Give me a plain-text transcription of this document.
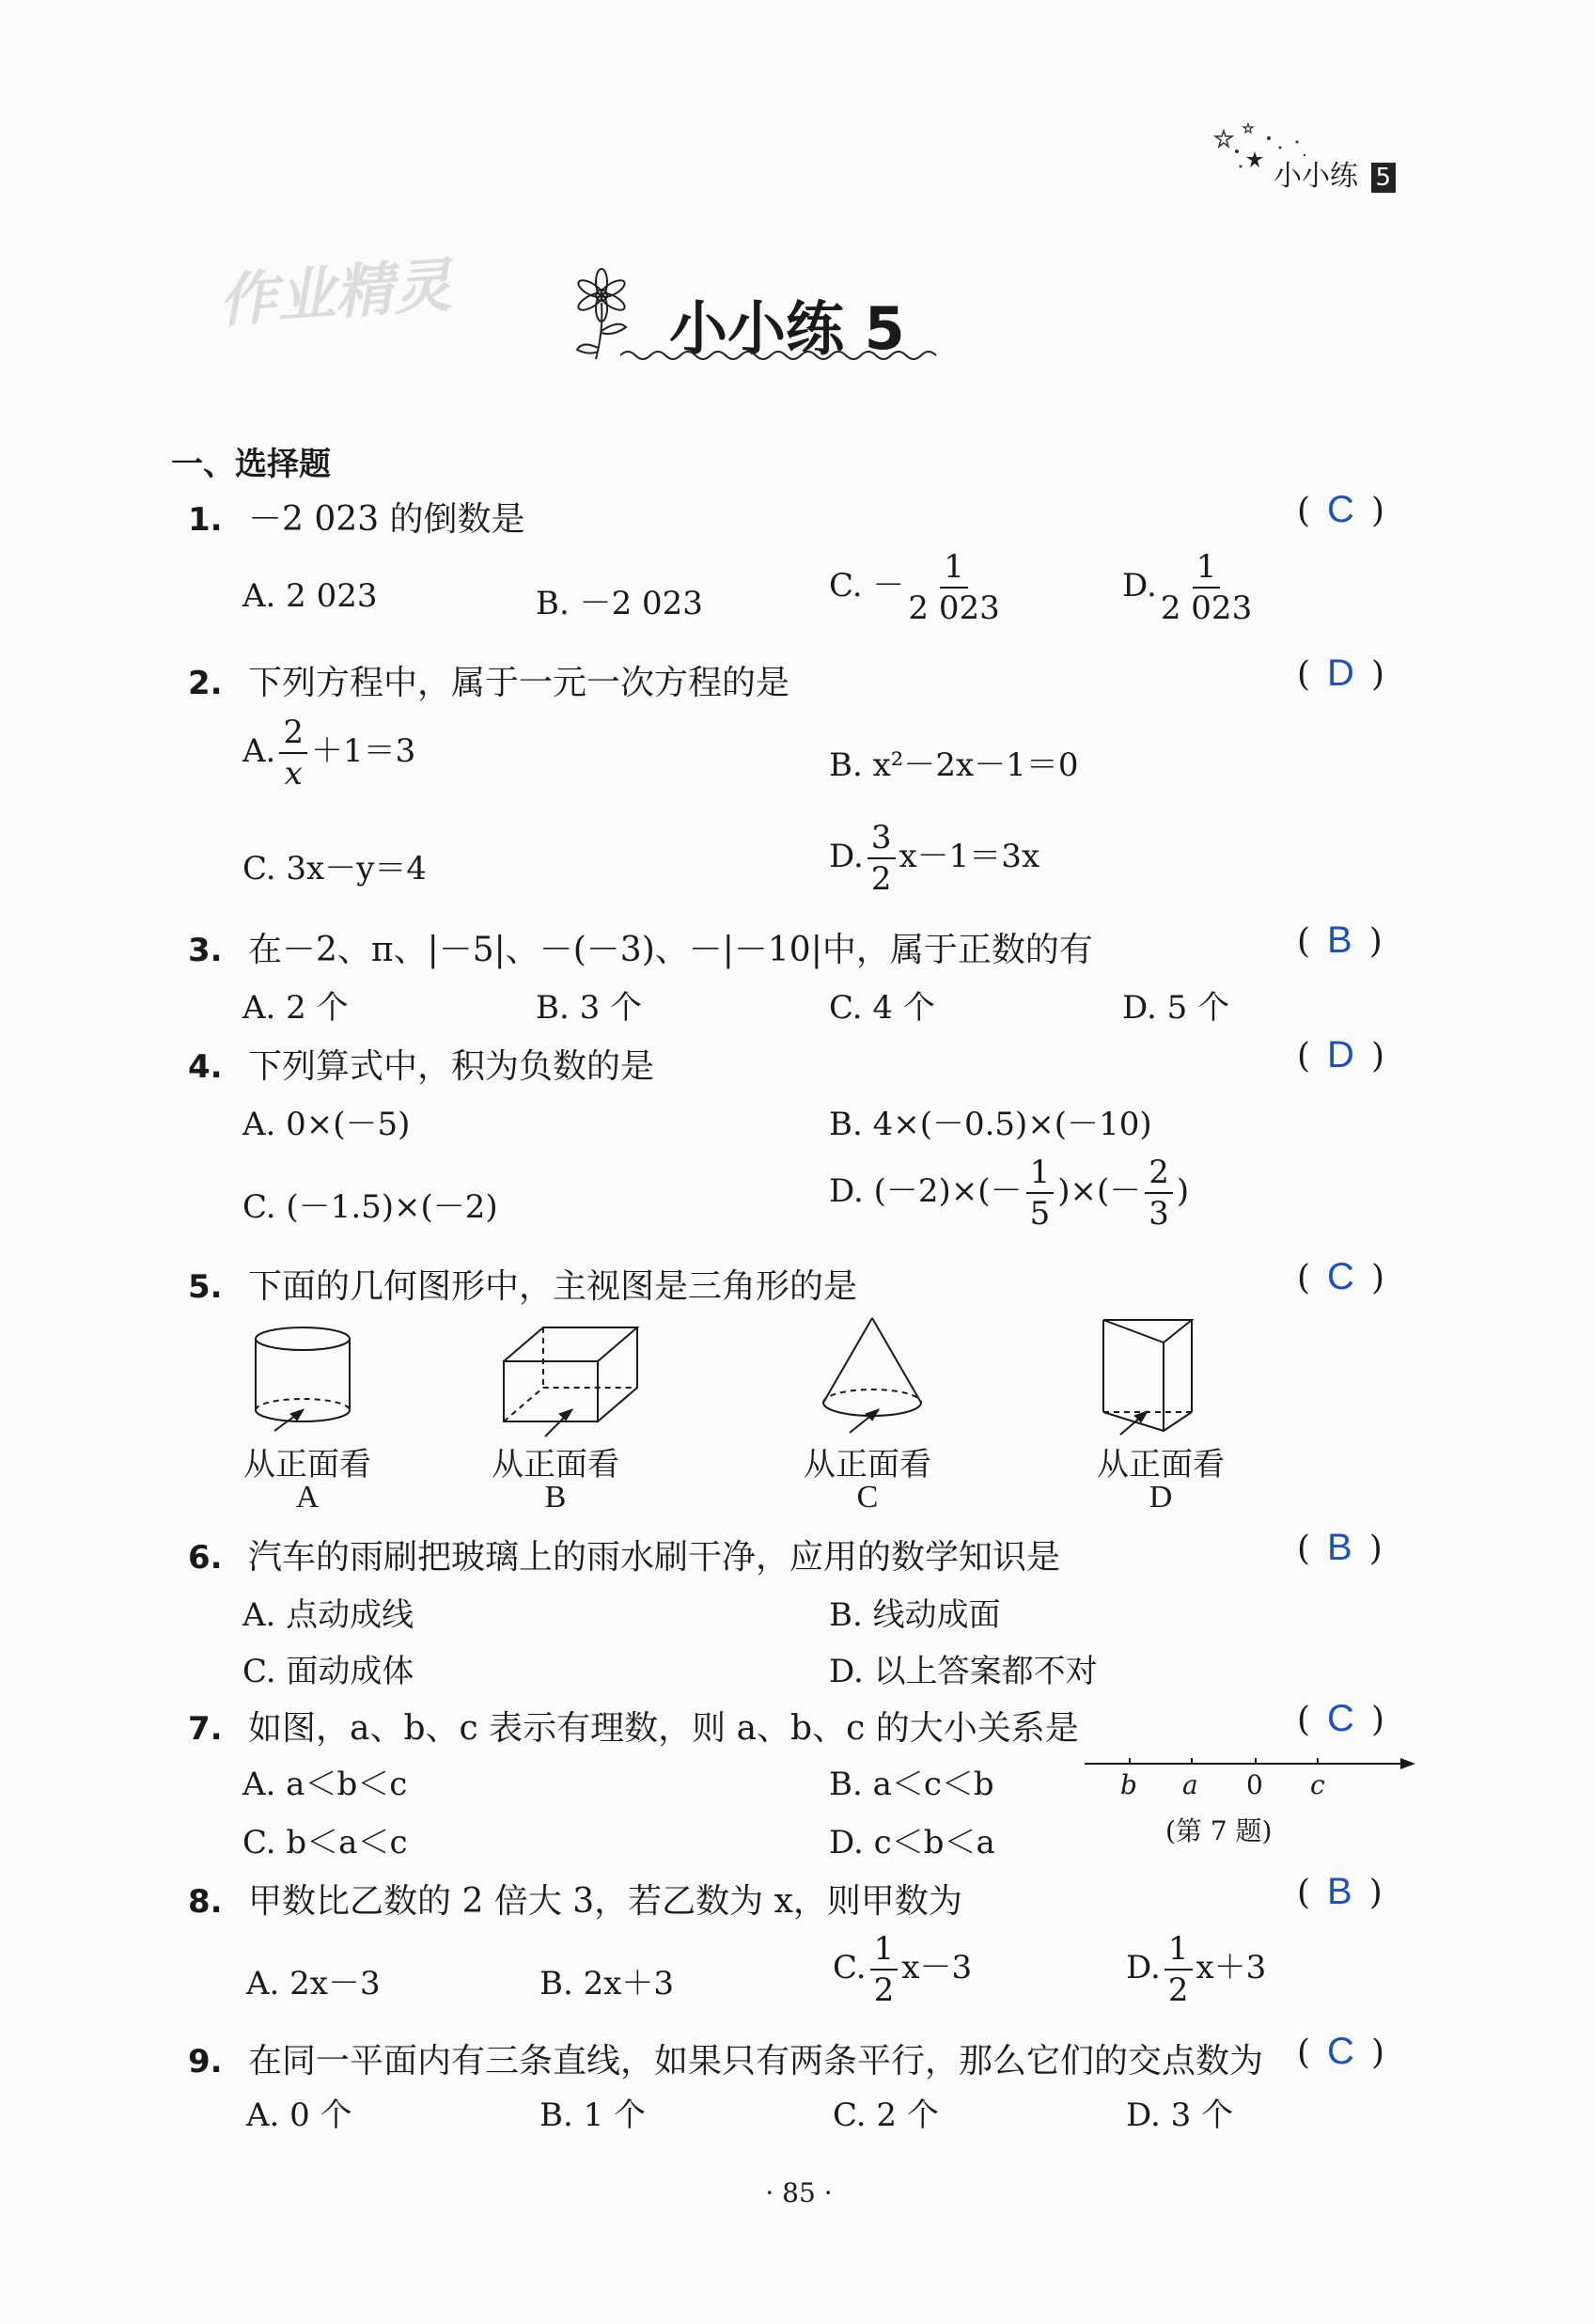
小小练 5
作业精灵	小小练 5
一、选择题
1. －2 023 的倒数是	( C )
A. 2 023	B. －2 023	C. － $\frac{1}{2 023}$	D. $\frac{1}{2 023}$
2. 下列方程中，属于一元一次方程的是	( D )
A. $\frac{2}{x} +1=3$	B. x²－2x－1＝0
C. 3x－y＝4	D. $\frac{3}{2} x-1=3x$
3. 在－2、π、|－5|、－(－3)、－|－10|中，属于正数的有	( B )
A. 2 个	B. 3 个	C. 4 个	D. 5 个
4. 下列算式中，积为负数的是	( D )
A. 0×(－5)	B. 4×(－0.5)×(－10)
C. (－1.5)×(－2)	D. $(-2)\times(- \frac{1}{5}$ )×(－ $\frac{2}{3}$ )
5. 下面的几何图形中，主视图是三角形的是	( C )
从正面看
A
从正面看
B
从正面看
C
从正面看
D
6. 汽车的雨刷把玻璃上的雨水刷干净，应用的数学知识是	( B )
A. 点动成线	B. 线动成面
C. 面动成体	D. 以上答案都不对
7. 如图，a、b、c 表示有理数，则 a、b、c 的大小关系是	( C )
A. a＜b＜c	B. a＜c＜b
C. b＜a＜c	D. c＜b＜a
b a 0 c
(第 7 题)
8. 甲数比乙数的 2 倍大 3，若乙数为 x，则甲数为	( B )
A. 2x－3	B. 2x＋3	C. $\frac{1}{2} x-3$	D. $\frac{1}{2} x+3$
9. 在同一平面内有三条直线，如果只有两条平行，那么它们的交点数为 ( C )
A. 0 个	B. 1 个	C. 2 个	D. 3 个
· 85 ·
